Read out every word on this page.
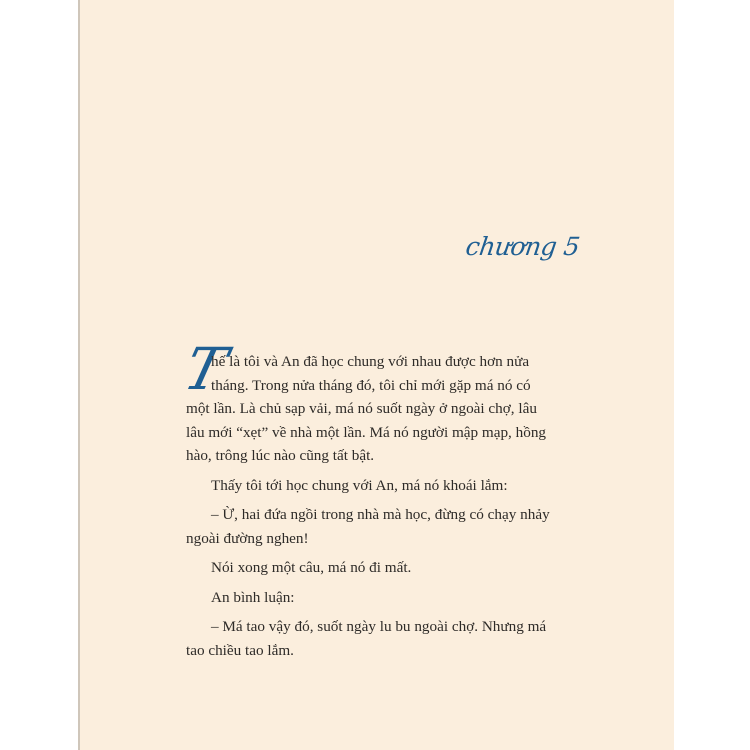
chương 5
T

hế là tôi và An đã học chung với nhau được hơn nửa
tháng. Trong nửa tháng đó, tôi chỉ mới gặp má nó có
một lần. Là chủ sạp vải, má nó suốt ngày ở ngoài chợ, lâu
lâu mới “xẹt” về nhà một lần. Má nó người mập mạp, hồng
hào, trông lúc nào cũng tất bật.

Thấy tôi tới học chung với An, má nó khoái lắm:

– Ừ, hai đứa ngồi trong nhà mà học, đừng có chạy nhảy
ngoài đường nghen!

Nói xong một câu, má nó đi mất.

An bình luận:

– Má tao vậy đó, suốt ngày lu bu ngoài chợ. Nhưng má
tao chiều tao lắm.
